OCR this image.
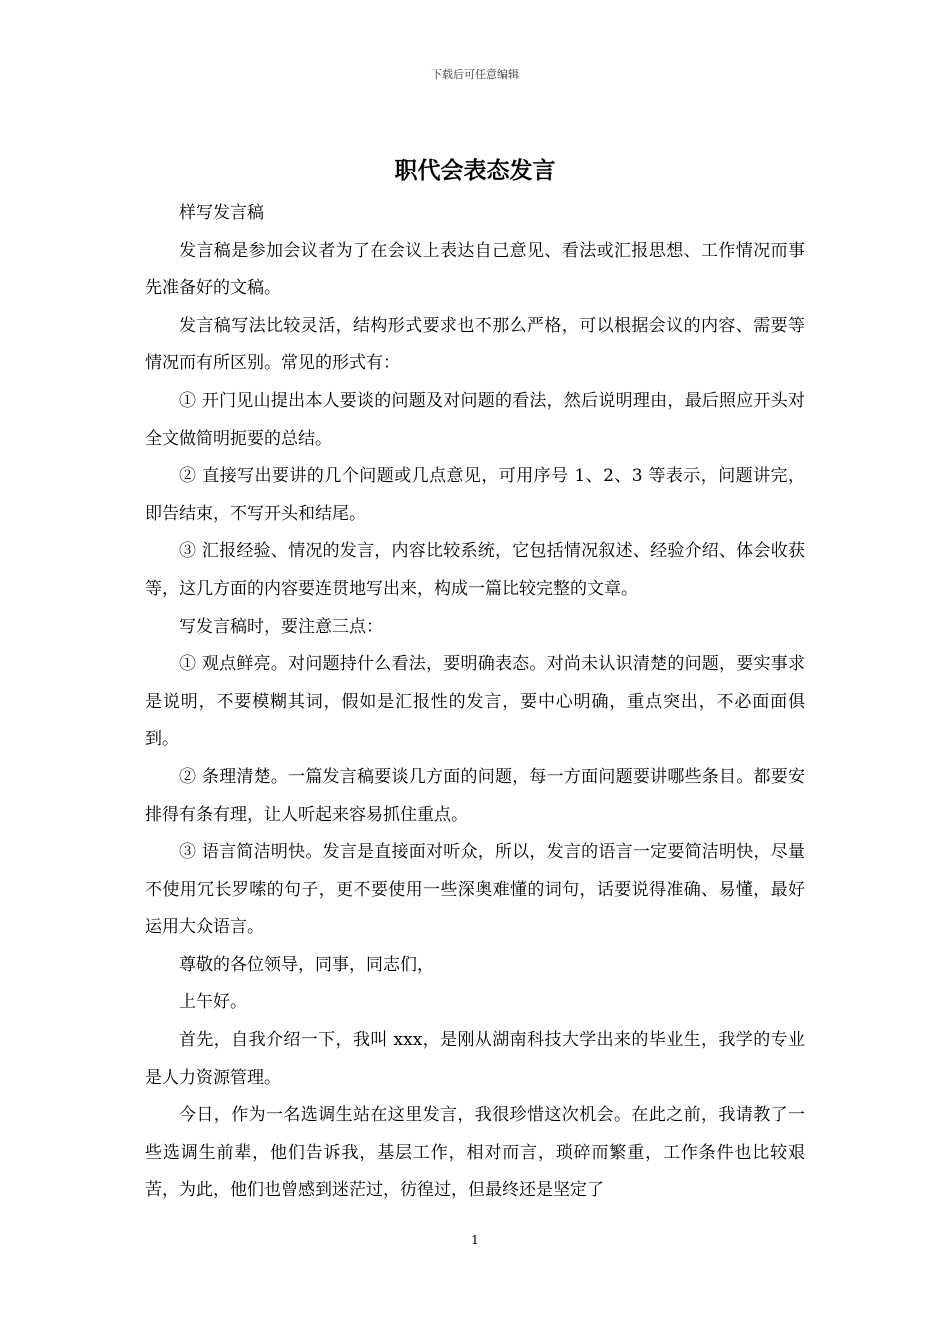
下载后可任意编辑
职代会表态发言

样写发言稿

发言稿是参加会议者为了在会议上表达自己意见、看法或汇报思想、工作情况而事先准备好的文稿。

发言稿写法比较灵活，结构形式要求也不那么严格，可以根据会议的内容、需要等情况而有所区别。常见的形式有：

① 开门见山提出本人要谈的问题及对问题的看法，然后说明理由，最后照应开头对全文做简明扼要的总结。

② 直接写出要讲的几个问题或几点意见，可用序号 1、2、3 等表示，问题讲完，即告结束，不写开头和结尾。

③ 汇报经验、情况的发言，内容比较系统，它包括情况叙述、经验介绍、体会收获等，这几方面的内容要连贯地写出来，构成一篇比较完整的文章。

写发言稿时，要注意三点：

① 观点鲜亮。对问题持什么看法，要明确表态。对尚未认识清楚的问题，要实事求是说明，不要模糊其词，假如是汇报性的发言，要中心明确，重点突出，不必面面俱到。

② 条理清楚。一篇发言稿要谈几方面的问题，每一方面问题要讲哪些条目。都要安排得有条有理，让人听起来容易抓住重点。

③ 语言简洁明快。发言是直接面对听众，所以，发言的语言一定要简洁明快，尽量不使用冗长罗嗦的句子，更不要使用一些深奥难懂的词句，话要说得准确、易懂，最好运用大众语言。

尊敬的各位领导，同事，同志们，

上午好。

首先，自我介绍一下，我叫 xxx，是刚从湖南科技大学出来的毕业生，我学的专业是人力资源管理。

今日，作为一名选调生站在这里发言，我很珍惜这次机会。在此之前，我请教了一些选调生前辈，他们告诉我，基层工作，相对而言，琐碎而繁重，工作条件也比较艰苦，为此，他们也曾感到迷茫过，彷徨过，但最终还是坚定了

1
